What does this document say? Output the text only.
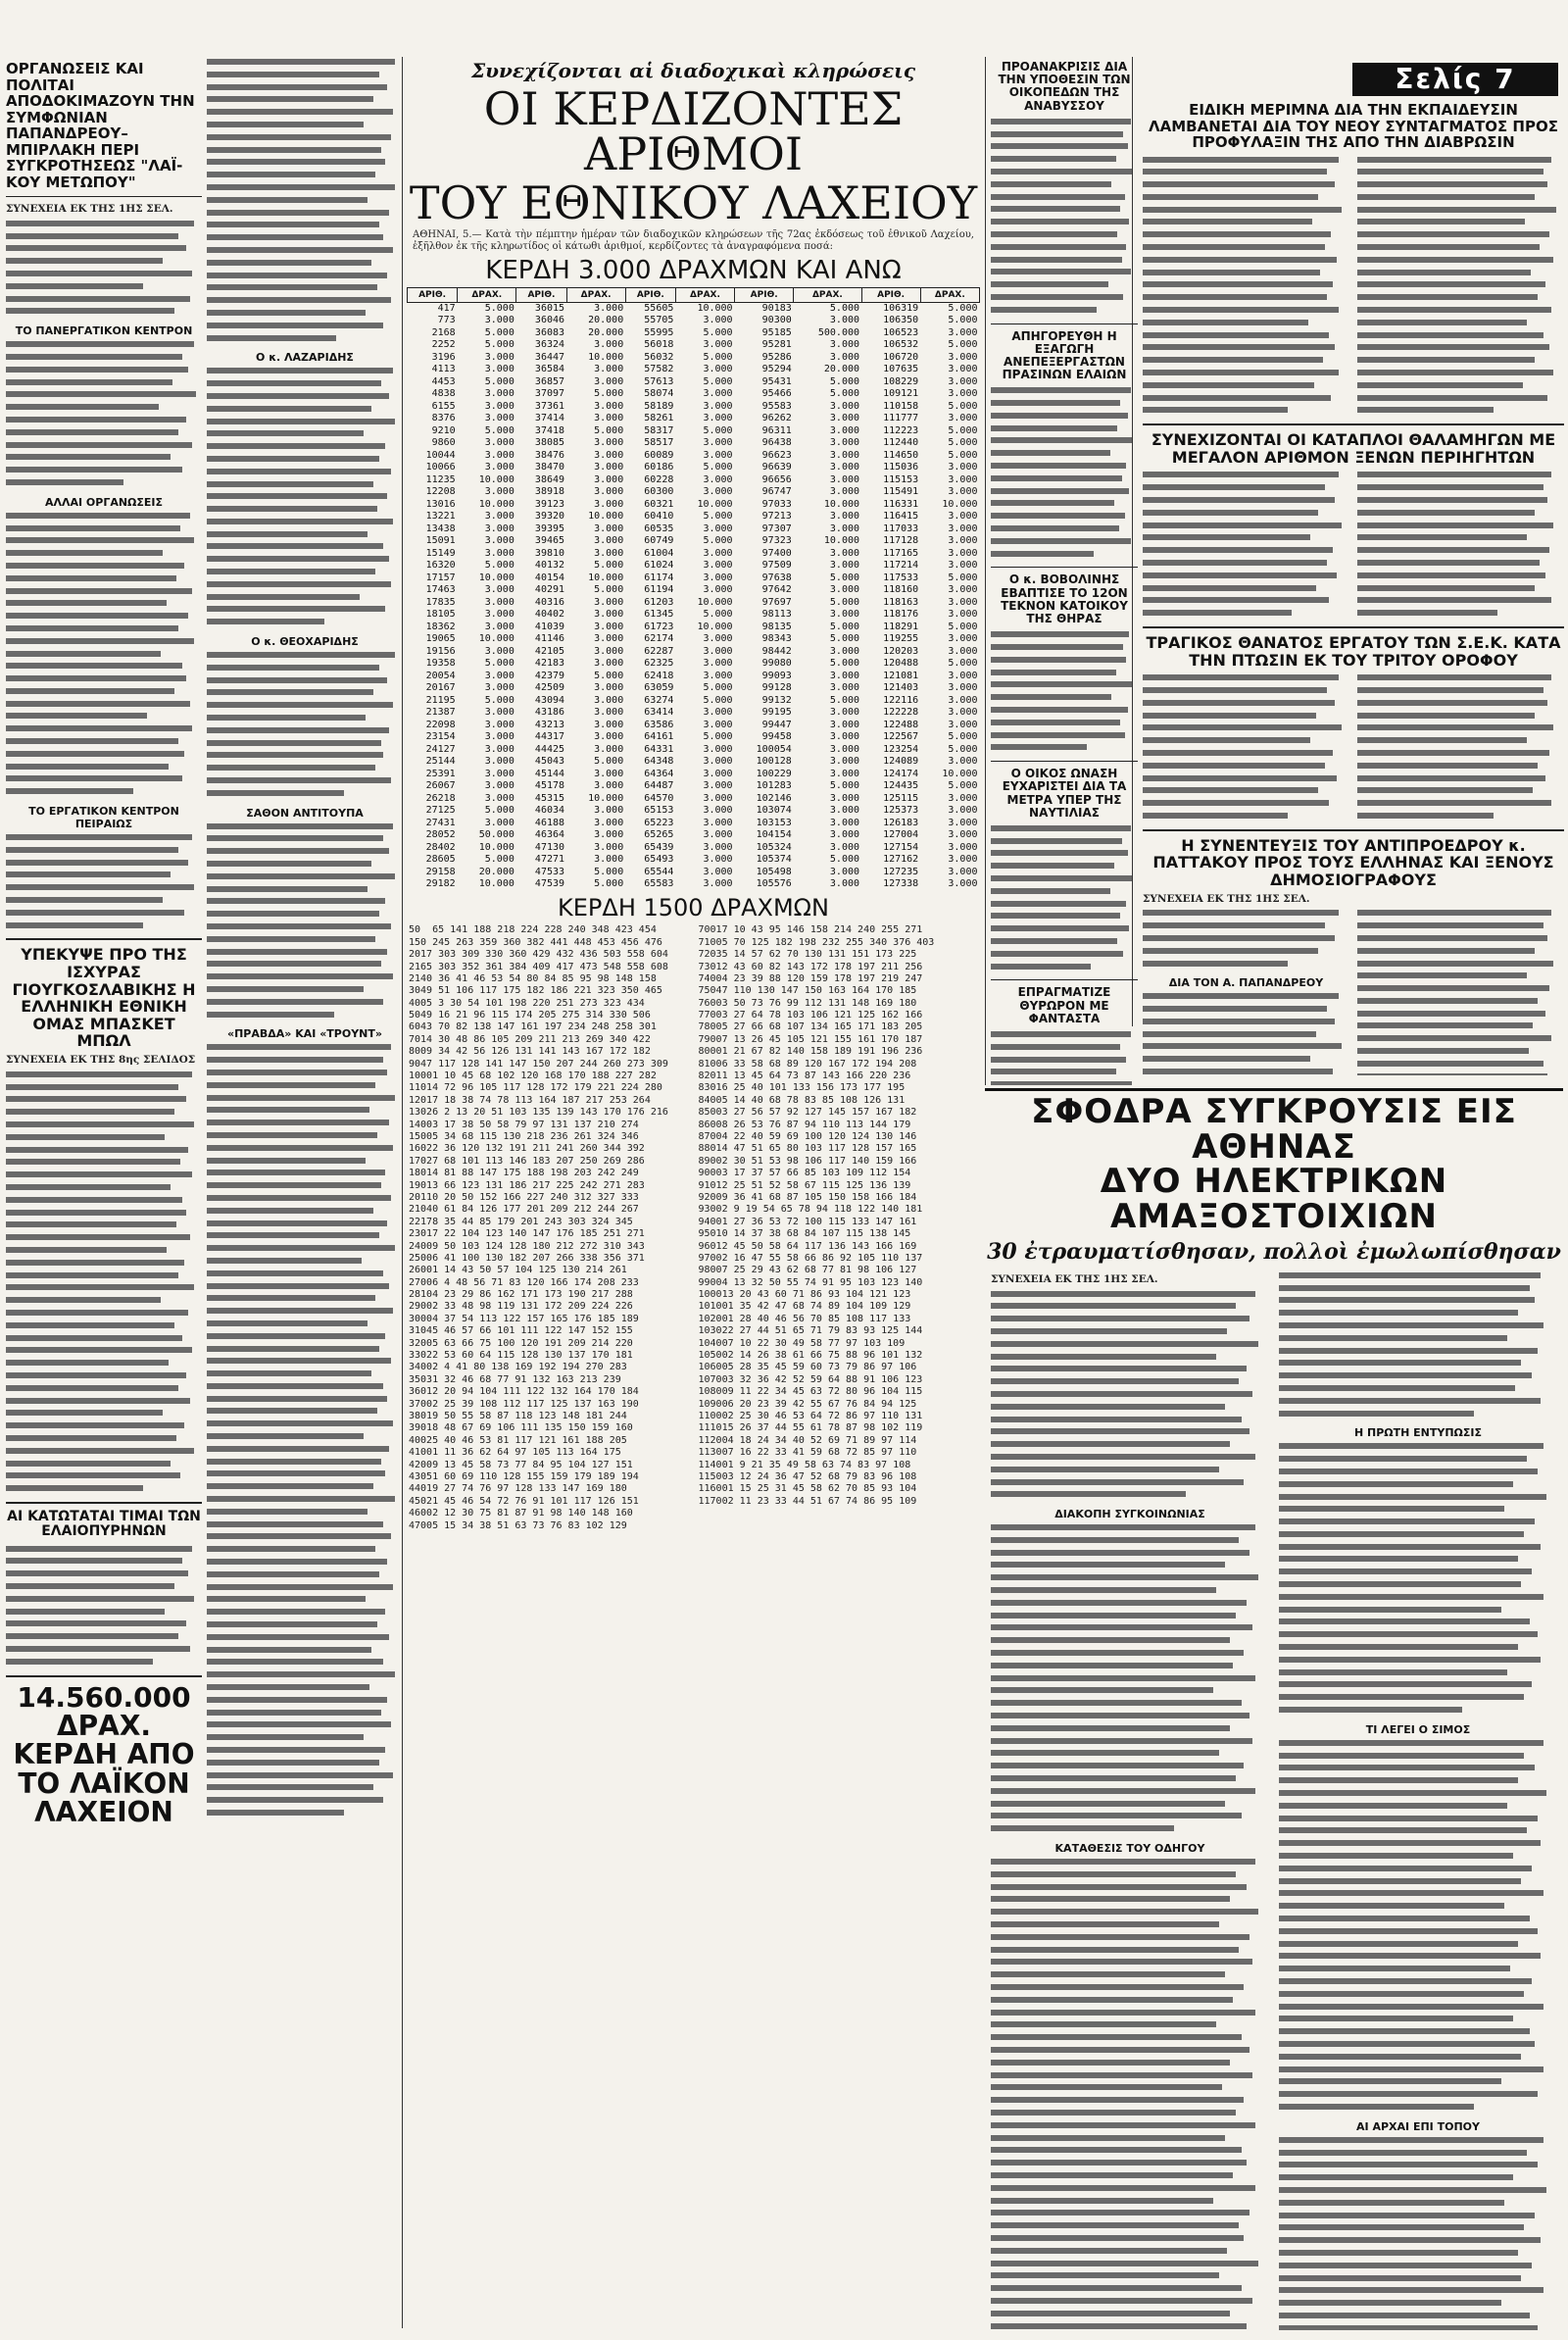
Σελίς 7
ΟΡΓΑΝΩΣΕΙΣ ΚΑΙ ΠΟΛΙΤΑΙ ΑΠΟΔΟΚΙΜΑΖΟΥΝ ΤΗΝ ΣΥΜΦΩΝΙΑΝ ΠΑΠΑΝΔΡΕΟΥ–ΜΠΙΡΛΑΚΗ ΠΕΡΙ ΣΥΓΚΡΟΤΗΣΕΩΣ "ΛΑΪ-ΚΟΥ ΜΕΤΩΠΟΥ"
ΣΥΝΕΧΕΙΑ ΕΚ ΤΗΣ 1ΗΣ ΣΕΛ.
ΤΟ ΠΑΝΕΡΓΑΤΙΚΟΝ ΚΕΝΤΡΟΝ
ΑΛΛΑΙ ΟΡΓΑΝΩΣΕΙΣ
ΤΟ ΕΡΓΑΤΙΚΟΝ ΚΕΝΤΡΟΝ ΠΕΙΡΑΙΩΣ
ΥΠΕΚΥΨΕ ΠΡΟ ΤΗΣ ΙΣΧΥΡΑΣ ΓΙΟΥΓΚΟΣΛΑΒΙΚΗΣ Η ΕΛΛΗΝΙΚΗ ΕΘΝΙΚΗ ΟΜΑΣ ΜΠΑΣΚΕΤ ΜΠΩΛ
ΣΥΝΕΧΕΙΑ ΕΚ ΤΗΣ 8ης ΣΕΛΙΔΟΣ
ΑΙ ΚΑΤΩΤΑΤΑΙ ΤΙΜΑΙ ΤΩΝ ΕΛΑΙΟΠΥΡΗΝΩΝ
14.560.000 ΔΡΑΧ. ΚΕΡΔΗ ΑΠΟ ΤΟ ΛΑΪΚΟΝ ΛΑΧΕΙΟΝ
Ο κ. ΛΑΖΑΡΙΔΗΣ
Ο κ. ΘΕΟΧΑΡΙΔΗΣ
ΣΑΘΟΝ ΑΝΤΙΤΟΥΠΑ
«ΠΡΑΒΔΑ» ΚΑΙ «ΤΡΟΥΝΤ»
Συνεχίζονται αἱ διαδοχικαὶ κληρώσεις
ΟΙ ΚΕΡΔΙΖΟΝΤΕΣ ΑΡΙΘΜΟΙ
ΤΟΥ ΕΘΝΙΚΟΥ ΛΑΧΕΙΟΥ
ΑΘΗΝΑΙ, 5.— Κατὰ τὴν πέμπτην ἡμέραν τῶν διαδοχικῶν κληρώσεων τῆς 72ας ἐκδόσεως τοῦ ἐθνικοῦ Λαχείου, ἐξῆλθον ἐκ τῆς κληρωτίδος οἱ κάτωθι ἀριθμοί, κερδίζοντες τὰ ἀναγραφόμενα ποσά:
ΚΕΡΔΗ 3.000 ΔΡΑΧΜΩΝ ΚΑΙ ΑΝΩ
ΑΡΙΘ.	ΔΡΑΧ.	ΑΡΙΘ.	ΔΡΑΧ.	ΑΡΙΘ.	ΔΡΑΧ.	ΑΡΙΘ.	ΔΡΑΧ.	ΑΡΙΘ.	ΔΡΑΧ.
417	5.000	36015	3.000	55605	10.000	90183	5.000	106319	5.000
773	3.000	36046	20.000	55705	3.000	90300	3.000	106350	5.000
2168	5.000	36083	20.000	55995	5.000	95185	500.000	106523	3.000
2252	5.000	36324	3.000	56018	3.000	95281	3.000	106532	5.000
3196	3.000	36447	10.000	56032	5.000	95286	3.000	106720	3.000
4113	3.000	36584	3.000	57582	3.000	95294	20.000	107635	3.000
4453	5.000	36857	3.000	57613	5.000	95431	5.000	108229	3.000
4838	3.000	37097	5.000	58074	3.000	95466	5.000	109121	3.000
6155	3.000	37361	3.000	58189	3.000	95583	3.000	110158	5.000
8376	3.000	37414	3.000	58261	3.000	96262	3.000	111777	3.000
9210	5.000	37418	5.000	58317	5.000	96311	3.000	112223	5.000
9860	3.000	38085	3.000	58517	3.000	96438	3.000	112440	5.000
10044	3.000	38476	3.000	60089	3.000	96623	3.000	114650	5.000
10066	3.000	38470	3.000	60186	5.000	96639	3.000	115036	3.000
11235	10.000	38649	3.000	60228	3.000	96656	3.000	115153	3.000
12208	3.000	38918	3.000	60300	3.000	96747	3.000	115491	3.000
13016	10.000	39123	3.000	60321	10.000	97033	10.000	116331	10.000
13221	3.000	39320	10.000	60410	5.000	97213	3.000	116415	3.000
13438	3.000	39395	3.000	60535	3.000	97307	3.000	117033	3.000
15091	3.000	39465	3.000	60749	5.000	97323	10.000	117128	3.000
15149	3.000	39810	3.000	61004	3.000	97400	3.000	117165	3.000
16320	5.000	40132	5.000	61024	3.000	97509	3.000	117214	3.000
17157	10.000	40154	10.000	61174	3.000	97638	5.000	117533	5.000
17463	3.000	40291	5.000	61194	3.000	97642	3.000	118160	3.000
17835	3.000	40316	3.000	61203	10.000	97697	5.000	118163	3.000
18105	3.000	40402	3.000	61345	5.000	98113	3.000	118176	3.000
18362	3.000	41039	3.000	61723	10.000	98135	5.000	118291	5.000
19065	10.000	41146	3.000	62174	3.000	98343	5.000	119255	3.000
19156	3.000	42105	3.000	62287	3.000	98442	3.000	120203	3.000
19358	5.000	42183	3.000	62325	3.000	99080	5.000	120488	5.000
20054	3.000	42379	5.000	62418	3.000	99093	3.000	121081	3.000
20167	3.000	42509	3.000	63059	5.000	99128	3.000	121403	3.000
21195	5.000	43094	3.000	63274	5.000	99132	5.000	122116	3.000
21387	3.000	43186	3.000	63414	3.000	99195	3.000	122228	3.000
22098	3.000	43213	3.000	63586	3.000	99447	3.000	122488	3.000
23154	3.000	44317	3.000	64161	5.000	99458	3.000	122567	5.000
24127	3.000	44425	3.000	64331	3.000	100054	3.000	123254	5.000
25144	3.000	45043	5.000	64348	3.000	100128	3.000	124089	3.000
25391	3.000	45144	3.000	64364	3.000	100229	3.000	124174	10.000
26067	3.000	45178	3.000	64487	3.000	101283	5.000	124435	5.000
26218	3.000	45315	10.000	64570	3.000	102146	3.000	125115	3.000
27125	5.000	46034	3.000	65153	3.000	103074	3.000	125373	3.000
27431	3.000	46188	3.000	65223	3.000	103153	3.000	126183	3.000
28052	50.000	46364	3.000	65265	3.000	104154	3.000	127004	3.000
28402	10.000	47130	3.000	65439	3.000	105324	3.000	127154	3.000
28605	5.000	47271	3.000	65493	3.000	105374	5.000	127162	3.000
29158	20.000	47533	5.000	65544	3.000	105498	3.000	127235	3.000
29182	10.000	47539	5.000	65583	3.000	105576	3.000	127338	3.000
ΚΕΡΔΗ 1500 ΔΡΑΧΜΩΝ
50  65 141 188 218 224 228 240 348 423 454
150 245 263 359 360 382 441 448 453 456 476
2017 303 309 330 360 429 432 436 503 558 604
2165 303 352 361 384 409 417 473 548 558 608
2140 36 41 46 53 54 80 84 85 95 98 148 158
3049 51 106 117 175 182 186 221 323 350 465
4005 3 30 54 101 198 220 251 273 323 434
5049 16 21 96 115 174 205 275 314 330 506
6043 70 82 138 147 161 197 234 248 258 301
7014 30 48 86 105 209 211 213 269 340 422
8009 34 42 56 126 131 141 143 167 172 182
9047 117 128 141 147 150 207 244 260 273 309
10001 10 45 68 102 120 168 170 188 227 282
11014 72 96 105 117 128 172 179 221 224 280
12017 18 38 74 78 113 164 187 217 253 264
13026 2 13 20 51 103 135 139 143 170 176 216
14003 17 38 50 58 79 97 131 137 210 274
15005 34 68 115 130 218 236 261 324 346
16022 36 120 132 191 211 241 260 344 392
17027 68 101 113 146 183 207 250 269 286
18014 81 88 147 175 188 198 203 242 249
19013 66 123 131 186 217 225 242 271 283
20110 20 50 152 166 227 240 312 327 333
21040 61 84 126 177 201 209 212 244 267
22178 35 44 85 179 201 243 303 324 345
23017 22 104 123 140 147 176 185 251 271
24009 50 103 124 128 180 212 272 310 343
25006 41 100 130 182 207 266 338 356 371
26001 14 43 50 57 104 125 130 214 261
27006 4 48 56 71 83 120 166 174 208 233
28104 23 29 86 162 171 173 190 217 288
29002 33 48 98 119 131 172 209 224 226
30004 37 54 113 122 157 165 176 185 189
31045 46 57 66 101 111 122 147 152 155
32005 63 66 75 100 120 191 209 214 220
33022 53 60 64 115 128 130 137 170 181
34002 4 41 80 138 169 192 194 270 283
35031 32 46 68 77 91 132 163 213 239
36012 20 94 104 111 122 132 164 170 184
37002 25 39 108 112 117 125 137 163 190
38019 50 55 58 87 118 123 148 181 244
39018 48 67 69 106 111 135 150 159 160
40025 40 46 53 81 117 121 161 188 205
41001 11 36 62 64 97 105 113 164 175
42009 13 45 58 73 77 84 95 104 127 151
43051 60 69 110 128 155 159 179 189 194
44019 27 74 76 97 128 133 147 169 180
45021 45 46 54 72 76 91 101 117 126 151
46002 12 30 75 81 87 91 98 140 148 160
47005 15 34 38 51 63 73 76 83 102 129
70017 10 43 95 146 158 214 240 255 271
71005 70 125 182 198 232 255 340 376 403
72035 14 57 62 70 130 131 151 173 225
73012 43 60 82 143 172 178 197 211 256
74004 23 39 88 120 159 178 197 219 247
75047 110 130 147 150 163 164 170 185
76003 50 73 76 99 112 131 148 169 180
77003 27 64 78 103 106 121 125 162 166
78005 27 66 68 107 134 165 171 183 205
79007 13 26 45 105 121 155 161 170 187
80001 21 67 82 140 158 189 191 196 236
81006 33 58 68 89 120 167 172 194 208
82011 13 45 64 73 87 143 166 220 236
83016 25 40 101 133 156 173 177 195
84005 14 40 68 78 83 85 108 126 131
85003 27 56 57 92 127 145 157 167 182
86008 26 53 76 87 94 110 113 144 179
87004 22 40 59 69 100 120 124 130 146
88014 47 51 65 80 103 117 128 157 165
89002 30 51 53 98 106 117 140 159 166
90003 17 37 57 66 85 103 109 112 154
91012 25 51 52 58 67 115 125 136 139
92009 36 41 68 87 105 150 158 166 184
93002 9 19 54 65 78 94 118 122 140 181
94001 27 36 53 72 100 115 133 147 161
95010 14 37 38 68 84 107 115 138 145
96012 45 50 58 64 117 136 143 166 169
97002 16 47 55 58 66 86 92 105 110 137
98007 25 29 43 62 68 77 81 98 106 127
99004 13 32 50 55 74 91 95 103 123 140
100013 20 43 60 71 86 93 104 121 123
101001 35 42 47 68 74 89 104 109 129
102001 28 40 46 56 70 85 108 117 133
103022 27 44 51 65 71 79 83 93 125 144
104007 10 22 30 49 58 77 97 103 109
105002 14 26 38 61 66 75 88 96 101 132
106005 28 35 45 59 60 73 79 86 97 106
107003 32 36 42 52 59 64 88 91 106 123
108009 11 22 34 45 63 72 80 96 104 115
109006 20 23 39 42 55 67 76 84 94 125
110002 25 30 46 53 64 72 86 97 110 131
111015 26 37 44 55 61 78 87 98 102 119
112004 18 24 34 40 52 69 71 89 97 114
113007 16 22 33 41 59 68 72 85 97 110
114001 9 21 35 49 58 63 74 83 97 108
115003 12 24 36 47 52 68 79 83 96 108
116001 15 25 31 45 58 62 70 85 93 104
117002 11 23 33 44 51 67 74 86 95 109
ΠΡΟΑΝΑΚΡΙΣΙΣ ΔΙΑ ΤΗΝ ΥΠΟΘΕΣΙΝ ΤΩΝ ΟΙΚΟΠΕΔΩΝ ΤΗΣ ΑΝΑΒΥΣΣΟΥ
ΑΠΗΓΟΡΕΥΘΗ Η ΕΞΑΓΩΓΗ ΑΝΕΠΕΞΕΡΓΑΣΤΩΝ ΠΡΑΣΙΝΩΝ ΕΛΑΙΩΝ
Ο κ. ΒΟΒΟΛΙΝΗΣ ΕΒΑΠΤΙΣΕ ΤΟ 12ΟΝ ΤΕΚΝΟΝ ΚΑΤΟΙΚΟΥ ΤΗΣ ΘΗΡΑΣ
Ο ΟΙΚΟΣ ΩΝΑΣΗ ΕΥΧΑΡΙΣΤΕΙ ΔΙΑ ΤΑ ΜΕΤΡΑ ΥΠΕΡ ΤΗΣ ΝΑΥΤΙΛΙΑΣ
ΕΠΡΑΓΜΑΤΙΖΕ ΘΥΡΩΡΟΝ ΜΕ ΦΑΝΤΑΣΤΑ
ΕΙΔΙΚΗ ΜΕΡΙΜΝΑ ΔΙΑ ΤΗΝ ΕΚΠΑΙΔΕΥΣΙΝ ΛΑΜΒΑΝΕΤΑΙ ΔΙΑ ΤΟΥ ΝΕΟΥ ΣΥΝΤΑΓΜΑΤΟΣ ΠΡΟΣ ΠΡΟΦΥΛΑΞΙΝ ΤΗΣ ΑΠΟ ΤΗΝ ΔΙΑΒΡΩΣΙΝ
ΣΥΝΕΧΙΖΟΝΤΑΙ ΟΙ ΚΑΤΑΠΛΟΙ ΘΑΛΑΜΗΓΩΝ ΜΕ ΜΕΓΑΛΟΝ ΑΡΙΘΜΟΝ ΞΕΝΩΝ ΠΕΡΙΗΓΗΤΩΝ
ΤΡΑΓΙΚΟΣ ΘΑΝΑΤΟΣ ΕΡΓΑΤΟΥ ΤΩΝ Σ.Ε.Κ. ΚΑΤΑ ΤΗΝ ΠΤΩΣΙΝ ΕΚ ΤΟΥ ΤΡΙΤΟΥ ΟΡΟΦΟΥ
Η ΣΥΝΕΝΤΕΥΞΙΣ ΤΟΥ ΑΝΤΙΠΡΟΕΔΡΟΥ κ. ΠΑΤΤΑΚΟΥ ΠΡΟΣ ΤΟΥΣ ΕΛΛΗΝΑΣ ΚΑΙ ΞΕΝΟΥΣ ΔΗΜΟΣΙΟΓΡΑΦΟΥΣ
ΣΥΝΕΧΕΙΑ ΕΚ ΤΗΣ 1ΗΣ ΣΕΛ.
ΔΙΑ ΤΟΝ Α. ΠΑΠΑΝΔΡΕΟΥ
ΣΦΟΔΡΑ ΣΥΓΚΡΟΥΣΙΣ ΕΙΣ ΑΘΗΝΑΣ
ΔΥΟ ΗΛΕΚΤΡΙΚΩΝ ΑΜΑΞΟΣΤΟΙΧΙΩΝ
30 ἐτραυματίσθησαν, πολλοὶ ἐμωλωπίσθησαν
ΣΥΝΕΧΕΙΑ ΕΚ ΤΗΣ 1ΗΣ ΣΕΛ.
ΔΙΑΚΟΠΗ ΣΥΓΚΟΙΝΩΝΙΑΣ
ΚΑΤΑΘΕΣΙΣ ΤΟΥ ΟΔΗΓΟΥ
Η ΠΡΩΤΗ ΕΝΤΥΠΩΣΙΣ
ΤΙ ΛΕΓΕΙ Ο ΣΙΜΟΣ
ΑΙ ΑΡΧΑΙ ΕΠΙ ΤΟΠΟΥ
